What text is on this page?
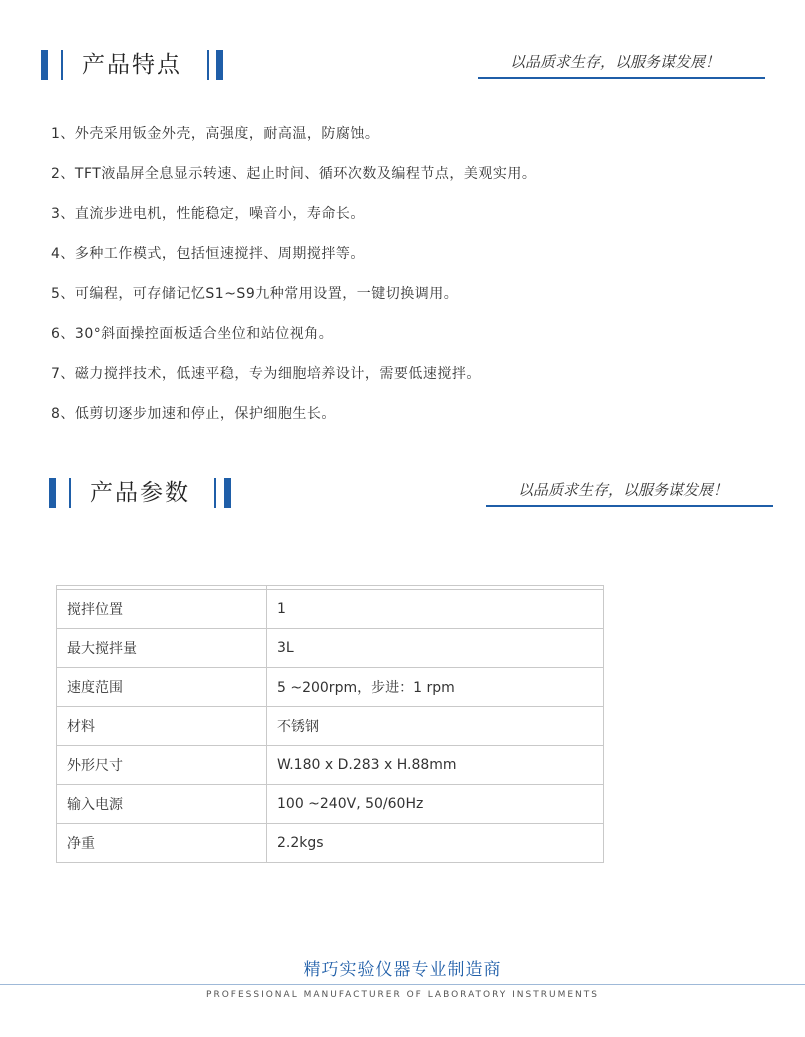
产品特点	以品质求生存，以服务谋发展！
1、外壳采用钣金外壳，高强度，耐高温，防腐蚀。
2、TFT液晶屏全息显示转速、起止时间、循环次数及编程节点，美观实用。
3、直流步进电机，性能稳定，噪音小，寿命长。
4、多种工作模式，包括恒速搅拌、周期搅拌等。
5、可编程，可存储记忆S1~S9九种常用设置，一键切换调用。
6、30°斜面操控面板适合坐位和站位视角。
7、磁力搅拌技术，低速平稳，专为细胞培养设计，需要低速搅拌。
8、低剪切逐步加速和停止，保护细胞生长。
产品参数	以品质求生存，以服务谋发展！

搅拌位置	1
最大搅拌量	3L
速度范围	5 ~200rpm，步进：1 rpm
材料	不锈钢
外形尺寸	W.180 x D.283 x H.88mm
输入电源	100 ~240V, 50/60Hz
净重	2.2kgs
精巧实验仪器专业制造商
PROFESSIONAL MANUFACTURER OF LABORATORY INSTRUMENTS
